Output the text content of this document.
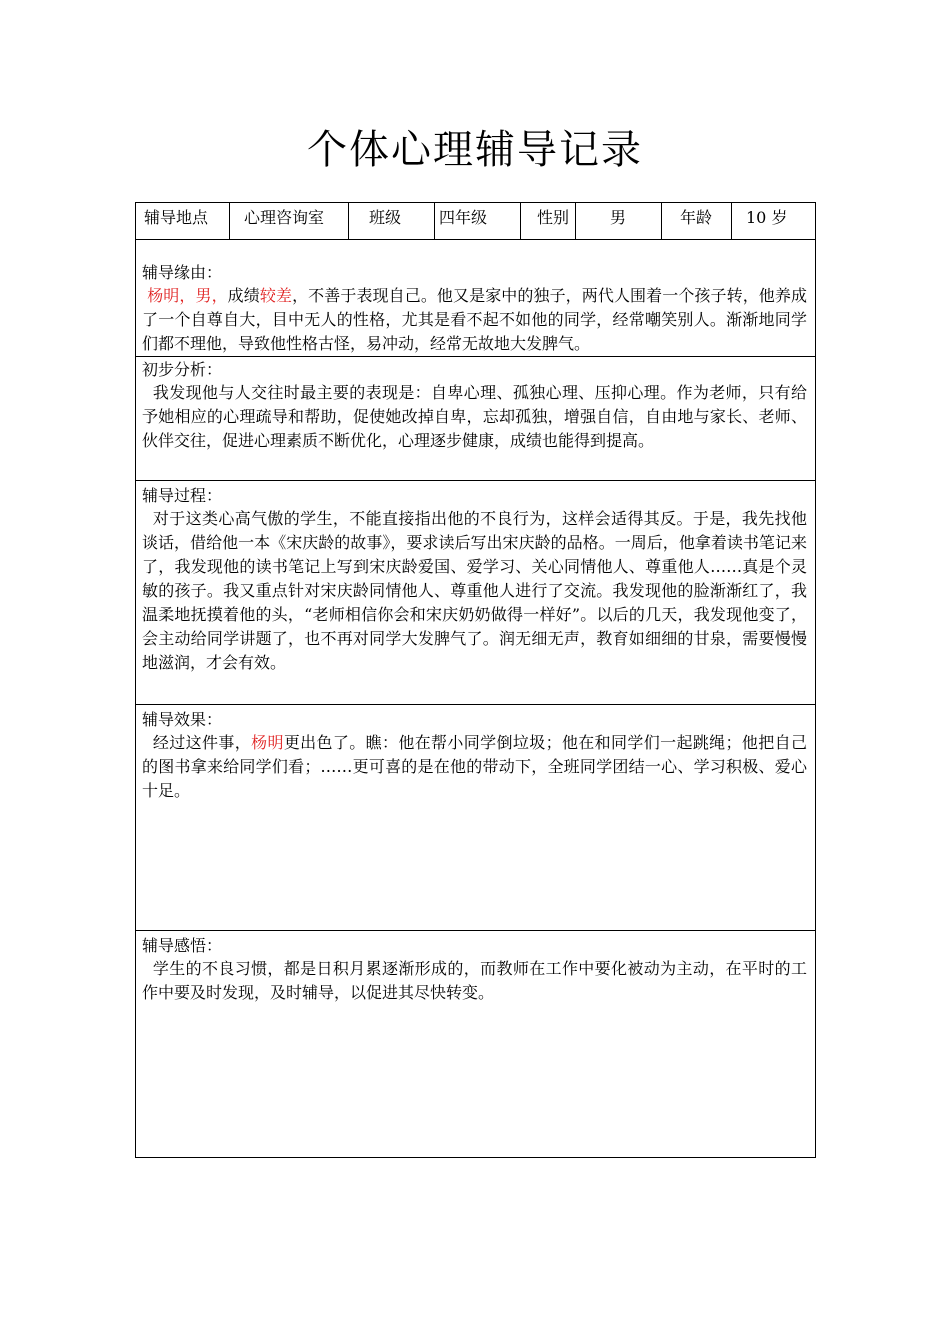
个体心理辅导记录
辅导地点	心理咨询室	班级	四年级	性别	男	年龄	10 岁
辅导缘由：
杨明，男，成绩较差，不善于表现自己。他又是家中的独子，两代人围着一个孩子转，他养成了一个自尊自大，目中无人的性格，尤其是看不起不如他的同学，经常嘲笑别人。渐渐地同学们都不理他，导致他性格古怪，易冲动，经常无故地大发脾气。
初步分析：
我发现他与人交往时最主要的表现是：自卑心理、孤独心理、压抑心理。作为老师，只有给予她相应的心理疏导和帮助，促使她改掉自卑，忘却孤独，增强自信，自由地与家长、老师、伙伴交往，促进心理素质不断优化，心理逐步健康，成绩也能得到提高。
辅导过程：
对于这类心高气傲的学生，不能直接指出他的不良行为，这样会适得其反。于是，我先找他谈话，借给他一本《宋庆龄的故事》，要求读后写出宋庆龄的品格。一周后，他拿着读书笔记来了，我发现他的读书笔记上写到宋庆龄爱国、爱学习、关心同情他人、尊重他人……真是个灵敏的孩子。我又重点针对宋庆龄同情他人、尊重他人进行了交流。我发现他的脸渐渐红了，我温柔地抚摸着他的头，“老师相信你会和宋庆奶奶做得一样好”。以后的几天，我发现他变了，会主动给同学讲题了，也不再对同学大发脾气了。润无细无声，教育如细细的甘泉，需要慢慢地滋润，才会有效。
辅导效果：
经过这件事，杨明更出色了。瞧：他在帮小同学倒垃圾；他在和同学们一起跳绳；他把自己的图书拿来给同学们看；……更可喜的是在他的带动下，全班同学团结一心、学习积极、爱心十足。
辅导感悟：
学生的不良习惯，都是日积月累逐渐形成的，而教师在工作中要化被动为主动，在平时的工作中要及时发现，及时辅导，以促进其尽快转变。
